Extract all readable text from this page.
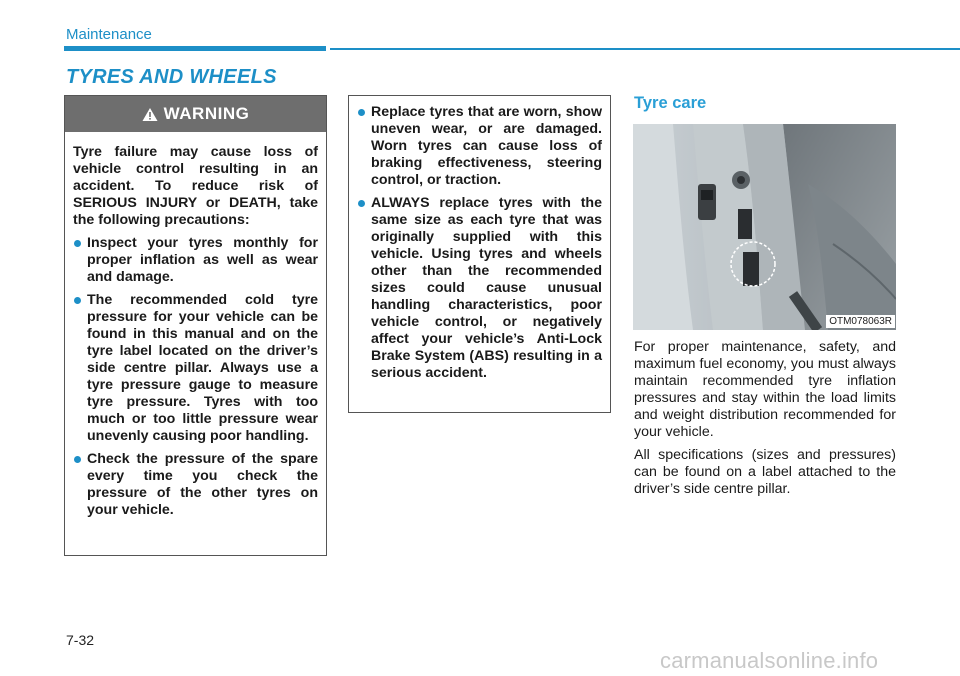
Maintenance
TYRES AND WHEELS
WARNING

Tyre failure may cause loss of vehicle control resulting in an accident. To reduce risk of SERIOUS INJURY or DEATH, take the following precautions:

Inspect your tyres monthly for proper inflation as well as wear and damage.
The recommended cold tyre pressure for your vehicle can be found in this manual and on the tyre label located on the driver’s side centre pillar. Always use a tyre pressure gauge to measure tyre pressure. Tyres with too much or too little pressure wear unevenly causing poor handling.
Check the pressure of the spare every time you check the pressure of the other tyres on your vehicle.
Replace tyres that are worn, show uneven wear, or are damaged. Worn tyres can cause loss of braking effectiveness, steering control, or traction.
ALWAYS replace tyres with the same size as each tyre that was originally supplied with this vehicle. Using tyres and wheels other than the recommended sizes could cause unusual handling characteristics, poor vehicle control, or negatively affect your vehicle’s Anti-Lock Brake System (ABS) resulting in a serious accident.
Tyre care
OTM078063R

For proper maintenance, safety, and maximum fuel economy, you must always maintain recommended tyre inflation pressures and stay within the load limits and weight distribution recommended for your vehicle.

All specifications (sizes and pressures) can be found on a label attached to the driver’s side centre pillar.

7-32
carmanualsonline.info
